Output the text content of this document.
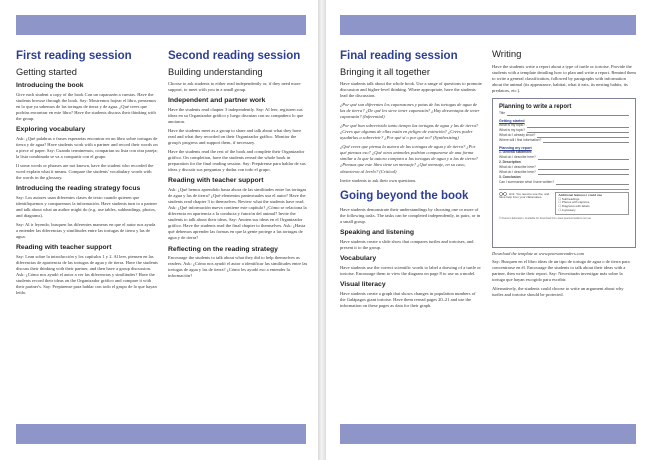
First reading session
Getting started
Introducing the book

Give each student a copy of the book Con un caparazón a cuestas. Have the students browse through the book. Say: Mostremos hojear el libro, pensemos en lo que ya sabemos de las tortugas de tierra y de agua. ¿Qué crees que podrías encontrar en este libro? Have the students discuss their thinking with the group.

Exploring vocabulary

Ask: ¿Qué palabras o frases esperarías encontrar en un libro sobre tortugas de tierra y de agua? Have students work with a partner and record their words on a piece of paper. Say: Cuando terminemos, compartan su lista con otra pareja; la lista combinada se va a compartir con el grupo.

If some words or phrases are not known, have the student who recorded the word explain what it means. Compare the students' vocabulary words with the words in the glossary.

Introducing the reading strategy focus

Say: Los autores usan diferentes clases de texto cuando quieren que identifiquemos y comparemos la información. Have students turn to a partner and talk about what an author might do (e.g. use tables, subheadings, photos, and diagrams).

Say: Al ir leyendo, busquen las diferentes maneras en que el autor nos ayuda a entender las diferencias y similitudes entre las tortugas de tierra y las de agua.

Reading with teacher support

Say: Lean sobre la introducción y los capítulos 1 y 2. Al leer, piensen en las diferencias de apariencia de las tortugas de agua y de tierra. Have the students discuss their thinking with their partner, and then have a group discussion. Ask: ¿Cómo nos ayudó el autor a ver las diferencias y similitudes? Have the students record their ideas on the Organizador gráfico and compare it with their partner's. Say: Prepárense para hablar con todo el grupo de lo que hayan leído.

Second reading session
Building understanding

Choose to ask students to either read independently or, if they need more support, to meet with you in a small group.

Independent and partner work

Have the students read chapter 3 independently. Say: Al leer, registren sus ideas en su Organizador gráfico y luego discutan con su compañero lo que anotaron.

Have the students meet as a group to share and talk about what they have read and what they recorded on their Organizador gráfico. Monitor the group's progress and support them, if necessary.

Have the students read the rest of the book and complete their Organizador gráfico. On completion, have the students reread the whole book in preparation for the final reading session. Say: Prepárense para hablar de sus ideas y discutir sus preguntas y dudas con todo el grupo.

Reading with teacher support

Ask: ¿Qué hemos aprendido hasta ahora de las similitudes entre las tortugas de agua y las de tierra? ¿Qué elementos pantextuales usa el autor? Have the students read chapter 3 to themselves. Review what the students have read. Ask: ¿Qué información nueva contiene este capítulo? ¿Cómo se relaciona la diferencia en apariencia a la conducta y función del animal? Invite the students to talk about their ideas. Say: Anoten sus ideas en el Organizador gráfico. Have the students read the final chapter to themselves. Ask: ¿Hasta qué debemos aprender las formas en que la gente protege a las tortugas de agua y de tierra?

Reflecting on the reading strategy

Encourage the students to talk about what they did to help themselves as readers. Ask: ¿Cómo nos ayudó el autor a identificar las similitudes entre las tortugas de agua y las de tierra? ¿Cómo les ayudó eso a entender la información?

Final reading session
Bringing it all together

Have students talk about the whole book. Use a range of questions to promote discussion and higher-level thinking. Where appropriate, have the students lead the discussion.

¿Por qué son diferentes los caparazones y patas de las tortugas de agua de las de tierra? ¿De qué les sirve tener caparazón? ¿Hay desventajas de tener caparazón? (Inferential)

¿Por qué han sobrevivido tanto tiempo las tortugas de agua y las de tierra? ¿Crees que algunas de ellas están en peligro de extinción? ¿Crees poder ayudarlas a sobrevivir? ¿Por qué sí o por qué no? (Synthesizing)

¿Qué crees que piensa la autora de las tortugas de agua y de tierra? ¿Por qué piensas eso? ¿Qué otros animales podrían compararse de una forma similar a la que la autora compara a las tortugas de agua y a las de tierra? ¿Piensas que este libro tiene un mensaje? ¿Qué mensaje, en su caso, obtuvieron al leerlo? (Critical)

Invite students to ask their own questions.

Going beyond the book

Have students demonstrate their understandings by choosing one or more of the following tasks. The tasks can be completed independently, in pairs, or in a small group.

Speaking and listening

Have students create a slide show that compares turtles and tortoises, and present it to the group.

Vocabulary

Have students use the correct scientific words to label a drawing of a turtle or tortoise. Encourage them to view the diagram on page 8 to use as a model.

Visual literacy

Have students create a graph that shows changes in population numbers of the Galápagos giant tortoise. Have them reread pages 20–21 and use the information on these pages as data for their graph.

Writing

Have the students write a report about a type of turtle or tortoise. Provide the students with a template detailing how to plan and write a report. Remind them to write a general classification, followed by paragraphs with information about the animal (its appearance, habitat, what it eats, its nesting habits, its predators, etc.).

Planning to write a report
Title
Getting started
What is my topic?
What is my topic?
What do I already know?
Where will I find information?
Planning my report
1. General statement
What do I describe here?
2. Description
What do I describe here?
What do I describe here?
3. Conclusion
Can I summarize what I have written?
Hint: You need to use the, and have help from your classmates.
Additional features I could use
☐ Subheadings
☐ Photos with captions
☐ Diagrams with labels
☐ A glossary
© Pearson Education. Available for download from www.pearsonreaders.com.au
Download the template at www.pearsonreaders.com

Say: Busquen en el libro ideas de un tipo de tortuga de agua o de tierra para concentrarse en él. Encourage the students to talk about their ideas with a partner, then write their report. Say: Necesitarán investigar más sobre la tortuga que hayan escogido para escribir.

Alternatively, the students could choose to write an argument about why turtles and tortoise should be protected.
